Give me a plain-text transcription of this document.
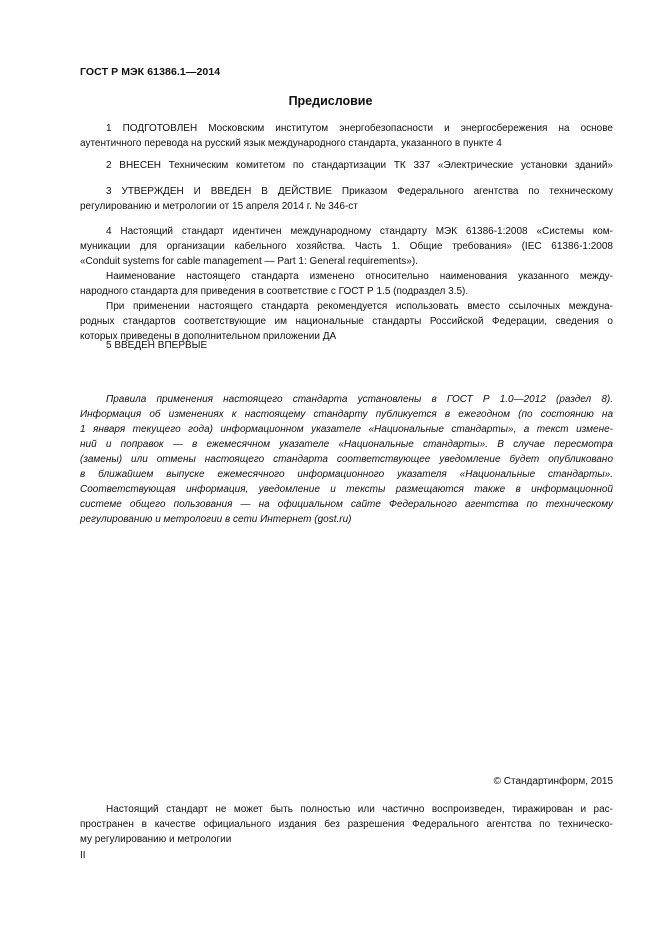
ГОСТ Р МЭК 61386.1—2014
Предисловие
1 ПОДГОТОВЛЕН Московским институтом энергобезопасности и энергосбережения на основе
аутентичного перевода на русский язык международного стандарта, указанного в пункте 4
2 ВНЕСЕН Техническим комитетом по стандартизации ТК 337 «Электрические установки зданий»
3 УТВЕРЖДЕН И ВВЕДЕН В ДЕЙСТВИЕ Приказом Федерального агентства по техническому
регулированию и метрологии от 15 апреля 2014 г. № 346-ст
4 Настоящий стандарт идентичен международному стандарту МЭК 61386-1:2008 «Системы ком-
муникации для организации кабельного хозяйства. Часть 1. Общие требования» (IEC 61386-1:2008
«Conduit systems for cable management — Part 1: General requirements»).
Наименование настоящего стандарта изменено относительно наименования указанного между-
народного стандарта для приведения в соответствие с ГОСТ Р 1.5 (подраздел 3.5).
При применении настоящего стандарта рекомендуется использовать вместо ссылочных междуна-
родных стандартов соответствующие им национальные стандарты Российской Федерации, сведения о
которых приведены в дополнительном приложении ДА
5 ВВЕДЕН ВПЕРВЫЕ
Правила применения настоящего стандарта установлены в ГОСТ Р 1.0—2012 (раздел 8).
Информация об изменениях к настоящему стандарту публикуется в ежегодном (по состоянию на
1 января текущего года) информационном указателе «Национальные стандарты», а текст измене-
ний и поправок — в ежемесячном указателе «Национальные стандарты». В случае пересмотра
(замены) или отмены настоящего стандарта соответствующее уведомление будет опубликовано
в ближайшем выпуске ежемесячного информационного указателя «Национальные стандарты».
Соответствующая информация, уведомление и тексты размещаются также в информационной
системе общего пользования — на официальном сайте Федерального агентства по техническому
регулированию и метрологии в сети Интернет (gost.ru)
© Стандартинформ, 2015
Настоящий стандарт не может быть полностью или частично воспроизведен, тиражирован и рас-
пространен в качестве официального издания без разрешения Федерального агентства по техническо-
му регулированию и метрологии
II
